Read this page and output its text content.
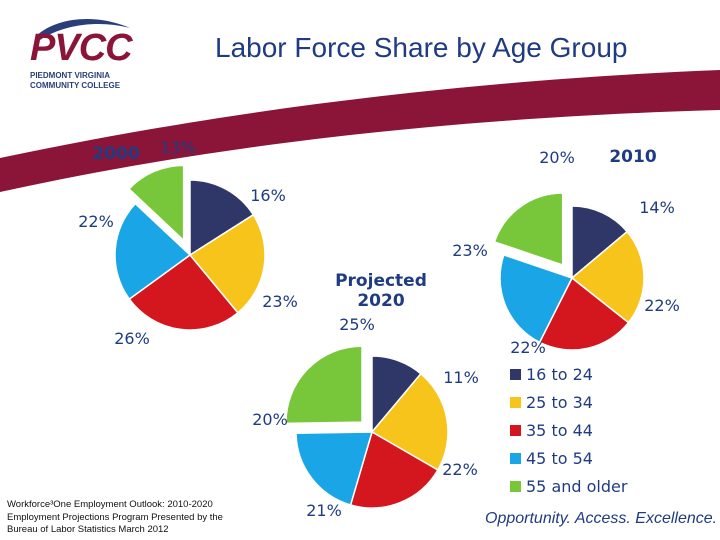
PVCC
PIEDMONT VIRGINIA
COMMUNITY COLLEGE
Labor Force Share by Age Group
16%
23%
26%
22%
13%
2000
14%
22%
22%
23%
20% 2010
11%
22%
21%
20%
25%
Projected
2020
16 to 24
25 to 34
35 to 44
45 to 54
55 and older
Workforce³One Employment Outlook: 2010-2020 Employment Projections Program Presented by the Bureau of Labor Statistics March 2012
Opportunity. Access. Excellence.
